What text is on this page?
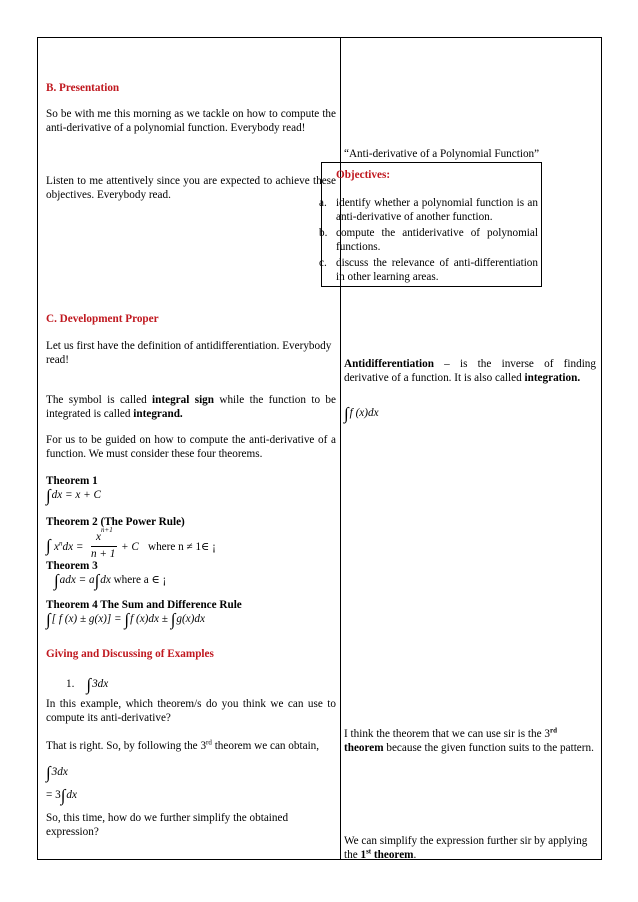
B. Presentation
So be with me this morning as we tackle on how to compute the anti-derivative of a polynomial function. Everybody read!
Listen to me attentively since you are expected to achieve these objectives. Everybody read.
C. Development Proper
Let us first have the definition of antidifferentiation. Everybody read!
The symbol is called integral sign while the function to be integrated is called integrand.
For us to be guided on how to compute the anti-derivative of a function. We must consider these four theorems.
Theorem 1
∫dx = x + C
Theorem 2 (The Power Rule)
∫ $x^ndx$ =
$x^{n+1}$
n + 1
+ C where n ≠ 1∈ ¡
Theorem 3
∫adx = a∫dx where a ∈ ¡
Theorem 4 The Sum and Difference Rule
∫[ f (x) ± g(x)] = ∫f (x)dx ± ∫g(x)dx
Giving and Discussing of Examples
1. ∫3dx
In this example, which theorem/s do you think we can use to compute its anti-derivative?
That is right. So, by following the 3rd theorem we can obtain,
∫3dx
= 3∫dx
So, this time, how do we further simplify the obtained expression?
“Anti-derivative of a Polynomial Function”
Antidifferentiation – is the inverse of finding derivative of a function. It is also called integration.
∫f (x)dx
I think the theorem that we can use sir is the 3rd
theorem because the given function suits to the pattern.
We can simplify the expression further sir by applying the 1st theorem.
Objectives:
a. identify whether a polynomial function is an anti-derivative of another function.
b. compute the antiderivative of polynomial functions.
c. discuss the relevance of anti-differentiation in other learning areas.
